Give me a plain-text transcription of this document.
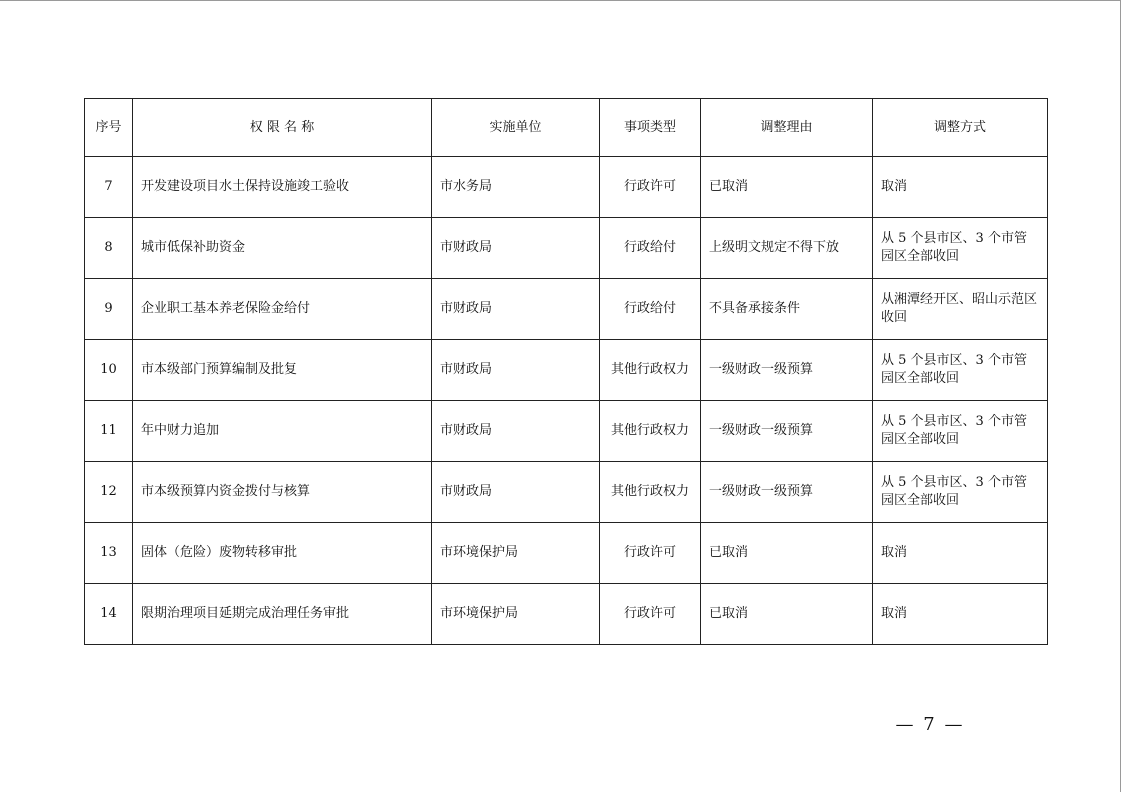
序号	权 限 名 称	实施单位	事项类型	调整理由	调整方式
7	开发建设项目水土保持设施竣工验收	市水务局	行政许可	已取消	取消
8	城市低保补助资金	市财政局	行政给付	上级明文规定不得下放	从 5 个县市区、3 个市管园区全部收回
9	企业职工基本养老保险金给付	市财政局	行政给付	不具备承接条件	从湘潭经开区、昭山示范区收回
10	市本级部门预算编制及批复	市财政局	其他行政权力	一级财政一级预算	从 5 个县市区、3 个市管园区全部收回
11	年中财力追加	市财政局	其他行政权力	一级财政一级预算	从 5 个县市区、3 个市管园区全部收回
12	市本级预算内资金拨付与核算	市财政局	其他行政权力	一级财政一级预算	从 5 个县市区、3 个市管园区全部收回
13	固体（危险）废物转移审批	市环境保护局	行政许可	已取消	取消
14	限期治理项目延期完成治理任务审批	市环境保护局	行政许可	已取消	取消
— 7 —
